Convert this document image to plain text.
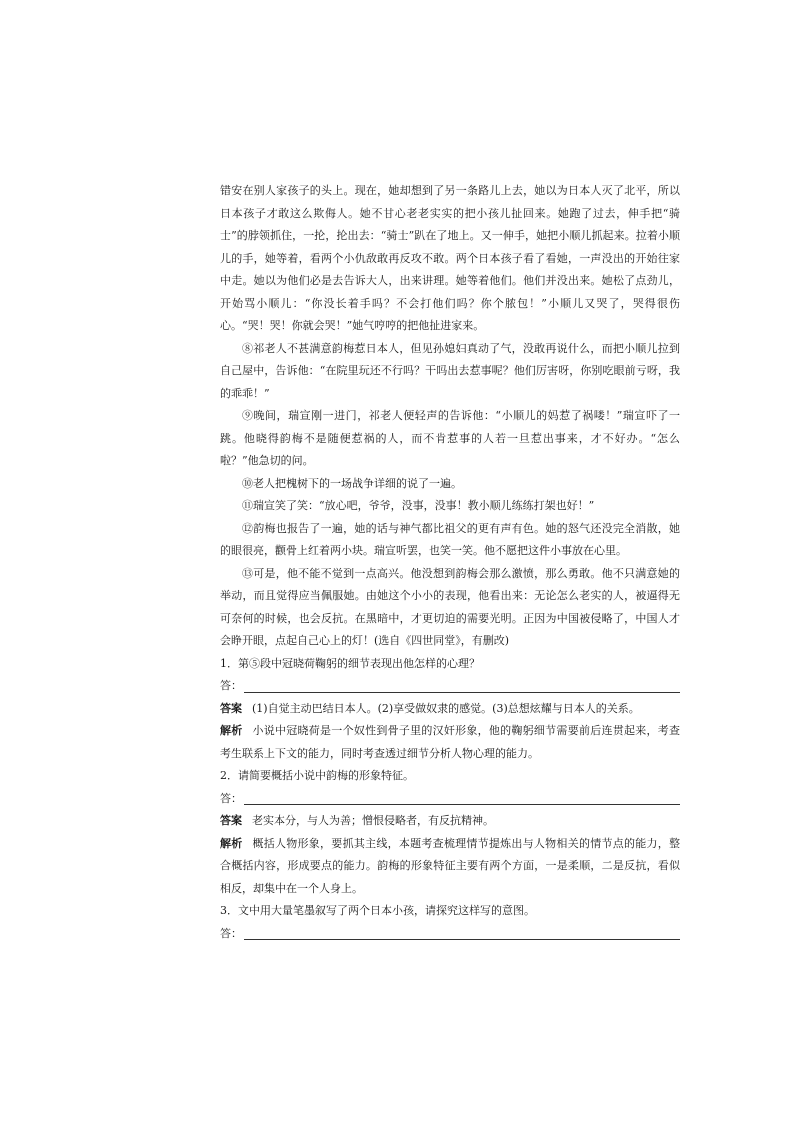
错安在别人家孩子的头上。现在，她却想到了另一条路儿上去，她以为日本人灭了北平，所以日本孩子才敢这么欺侮人。她不甘心老老实实的把小孩儿扯回来。她跑了过去，伸手把“骑士”的脖领抓住，一抡，抡出去：“骑士”趴在了地上。又一伸手，她把小顺儿抓起来。拉着小顺儿的手，她等着，看两个小仇敌敢再反攻不敢。两个日本孩子看了看她，一声没出的开始往家中走。她以为他们必是去告诉大人，出来讲理。她等着他们。他们并没出来。她松了点劲儿，开始骂小顺儿：“你没长着手吗？不会打他们吗？你个脓包！”小顺儿又哭了，哭得很伤心。“哭！哭！你就会哭！”她气哼哼的把他扯进家来。

⑧祁老人不甚满意韵梅惹日本人，但见孙媳妇真动了气，没敢再说什么，而把小顺儿拉到自己屋中，告诉他：“在院里玩还不行吗？干吗出去惹事呢？他们厉害呀，你别吃眼前亏呀，我的乖乖！”

⑨晚间，瑞宣刚一进门，祁老人便轻声的告诉他：“小顺儿的妈惹了祸喽！”瑞宣吓了一跳。他晓得韵梅不是随便惹祸的人，而不肯惹事的人若一旦惹出事来，才不好办。“怎么啦？”他急切的问。

⑩老人把槐树下的一场战争详细的说了一遍。

⑪瑞宣笑了笑：“放心吧，爷爷，没事，没事！教小顺儿练练打架也好！”

⑫韵梅也报告了一遍，她的话与神气都比祖父的更有声有色。她的怒气还没完全消散，她的眼很亮，颧骨上红着两小块。瑞宣听罢，也笑一笑。他不愿把这件小事放在心里。

⑬可是，他不能不觉到一点高兴。他没想到韵梅会那么激愤，那么勇敢。他不只满意她的举动，而且觉得应当佩服她。由她这个小小的表现，他看出来：无论怎么老实的人，被逼得无可奈何的时候，也会反抗。在黑暗中，才更切迫的需要光明。正因为中国被侵略了，中国人才会睁开眼，点起自己心上的灯！(选自《四世同堂》，有删改)

1．第⑤段中冠晓荷鞠躬的细节表现出他怎样的心理？

答：

答案 (1)自觉主动巴结日本人。(2)享受做奴隶的感觉。(3)总想炫耀与日本人的关系。

解析 小说中冠晓荷是一个奴性到骨子里的汉奸形象，他的鞠躬细节需要前后连贯起来，考查考生联系上下文的能力，同时考查透过细节分析人物心理的能力。

2．请简要概括小说中韵梅的形象特征。

答：

答案 老实本分，与人为善；憎恨侵略者，有反抗精神。

解析 概括人物形象，要抓其主线，本题考查梳理情节提炼出与人物相关的情节点的能力，整合概括内容，形成要点的能力。韵梅的形象特征主要有两个方面，一是柔顺，二是反抗，看似相反，却集中在一个人身上。

3．文中用大量笔墨叙写了两个日本小孩，请探究这样写的意图。

答：
